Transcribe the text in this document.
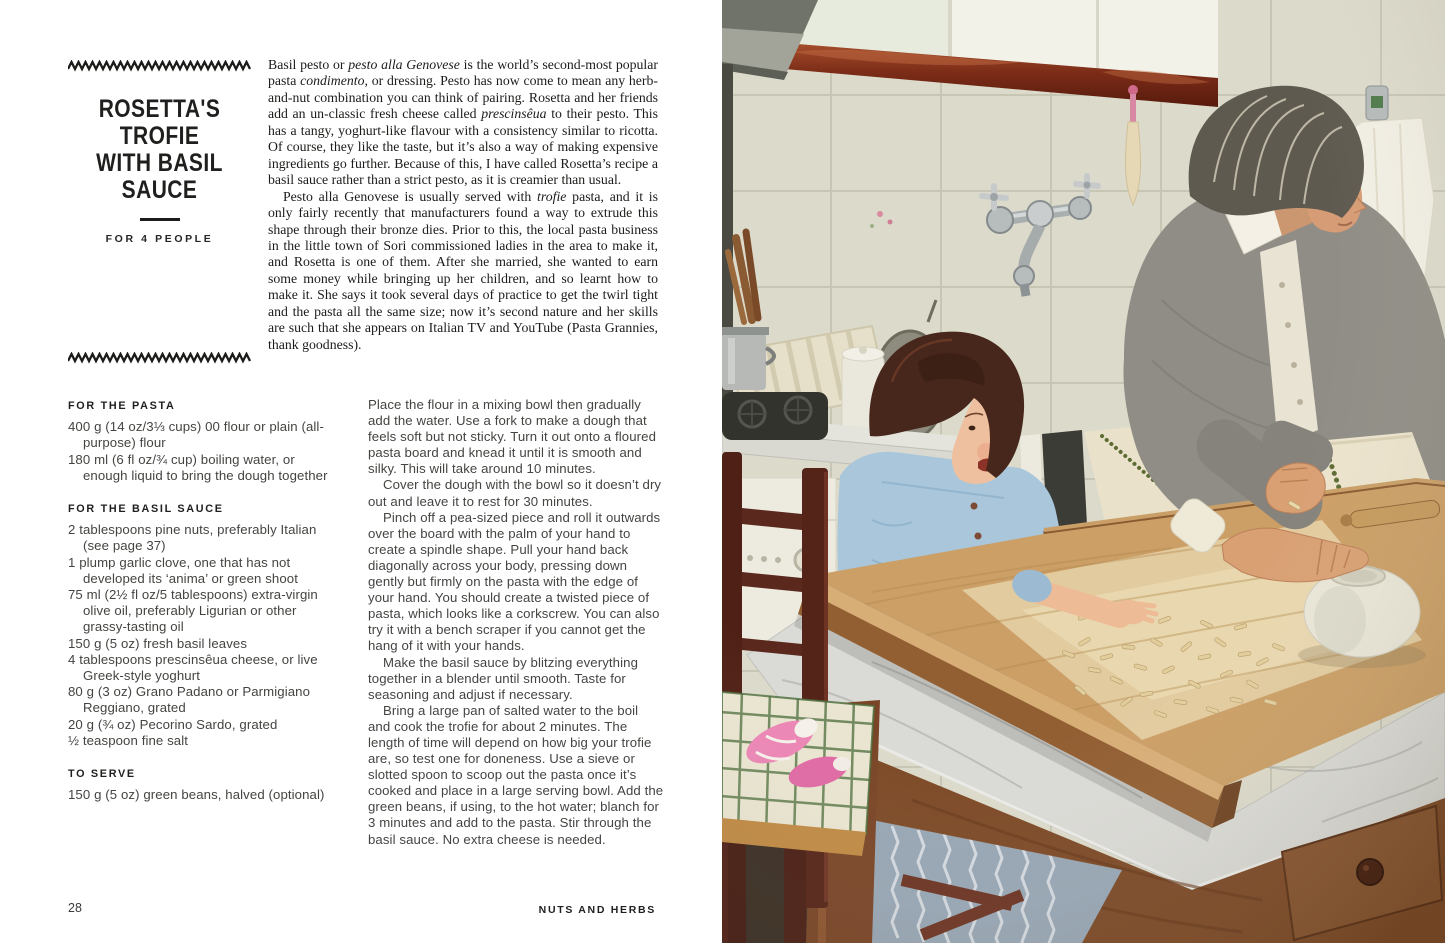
ROSETTA'S TROFIE
WITH BASIL SAUCE
FOR 4 PEOPLE

Basil pesto or pesto alla Genovese is the world’s second-most popular pasta condimento, or dressing. Pesto has now come to mean any herb-and-nut combination you can think of pairing. Rosetta and her friends add an un-classic fresh cheese called prescinsêua to their pesto. This has a tangy, yoghurt-like flavour with a consistency similar to ricotta. Of course, they like the taste, but it’s also a way of making expensive ingredients go further. Because of this, I have called Rosetta’s recipe a basil sauce rather than a strict pesto, as it is creamier than usual.

Pesto alla Genovese is usually served with trofie pasta, and it is only fairly recently that manufacturers found a way to extrude this shape through their bronze dies. Prior to this, the local pasta business in the little town of Sori commissioned ladies in the area to make it, and Rosetta is one of them. After she married, she wanted to earn some money while bringing up her children, and so learnt how to make it. She says it took several days of practice to get the twirl tight and the pasta all the same size; now it’s second nature and her skills are such that she appears on Italian TV and YouTube (Pasta Grannies, thank goodness).

FOR THE PASTA

400 g (14 oz/3⅓ cups) 00 flour or plain (all-purpose) flour

180 ml (6 fl oz/¾ cup) boiling water, or enough liquid to bring the dough together

FOR THE BASIL SAUCE

2 tablespoons pine nuts, preferably Italian (see page 37)

1 plump garlic clove, one that has not developed its ‘anima’ or green shoot

75 ml (2½ fl oz/5 tablespoons) extra-virgin olive oil, preferably Ligurian or other grassy-tasting oil

150 g (5 oz) fresh basil leaves

4 tablespoons prescinsêua cheese, or live Greek-style yoghurt

80 g (3 oz) Grano Padano or Parmigiano Reggiano, grated

20 g (¾ oz) Pecorino Sardo, grated

½ teaspoon fine salt

TO SERVE

150 g (5 oz) green beans, halved (optional)

Place the flour in a mixing bowl then gradually add the water. Use a fork to make a dough that feels soft but not sticky. Turn it out onto a floured pasta board and knead it until it is smooth and silky. This will take around 10 minutes.

Cover the dough with the bowl so it doesn’t dry out and leave it to rest for 30 minutes.

Pinch off a pea-sized piece and roll it outwards over the board with the palm of your hand to create a spindle shape. Pull your hand back diagonally across your body, pressing down gently but firmly on the pasta with the edge of your hand. You should create a twisted piece of pasta, which looks like a corkscrew. You can also try it with a bench scraper if you cannot get the hang of it with your hands.

Make the basil sauce by blitzing everything together in a blender until smooth. Taste for seasoning and adjust if necessary.

Bring a large pan of salted water to the boil and cook the trofie for about 2 minutes. The length of time will depend on how big your trofie are, so test one for doneness. Use a sieve or slotted spoon to scoop out the pasta once it’s cooked and place in a large serving bowl. Add the green beans, if using, to the hot water; blanch for 3 minutes and add to the pasta. Stir through the basil sauce. No extra cheese is needed.

28	NUTS AND HERBS
